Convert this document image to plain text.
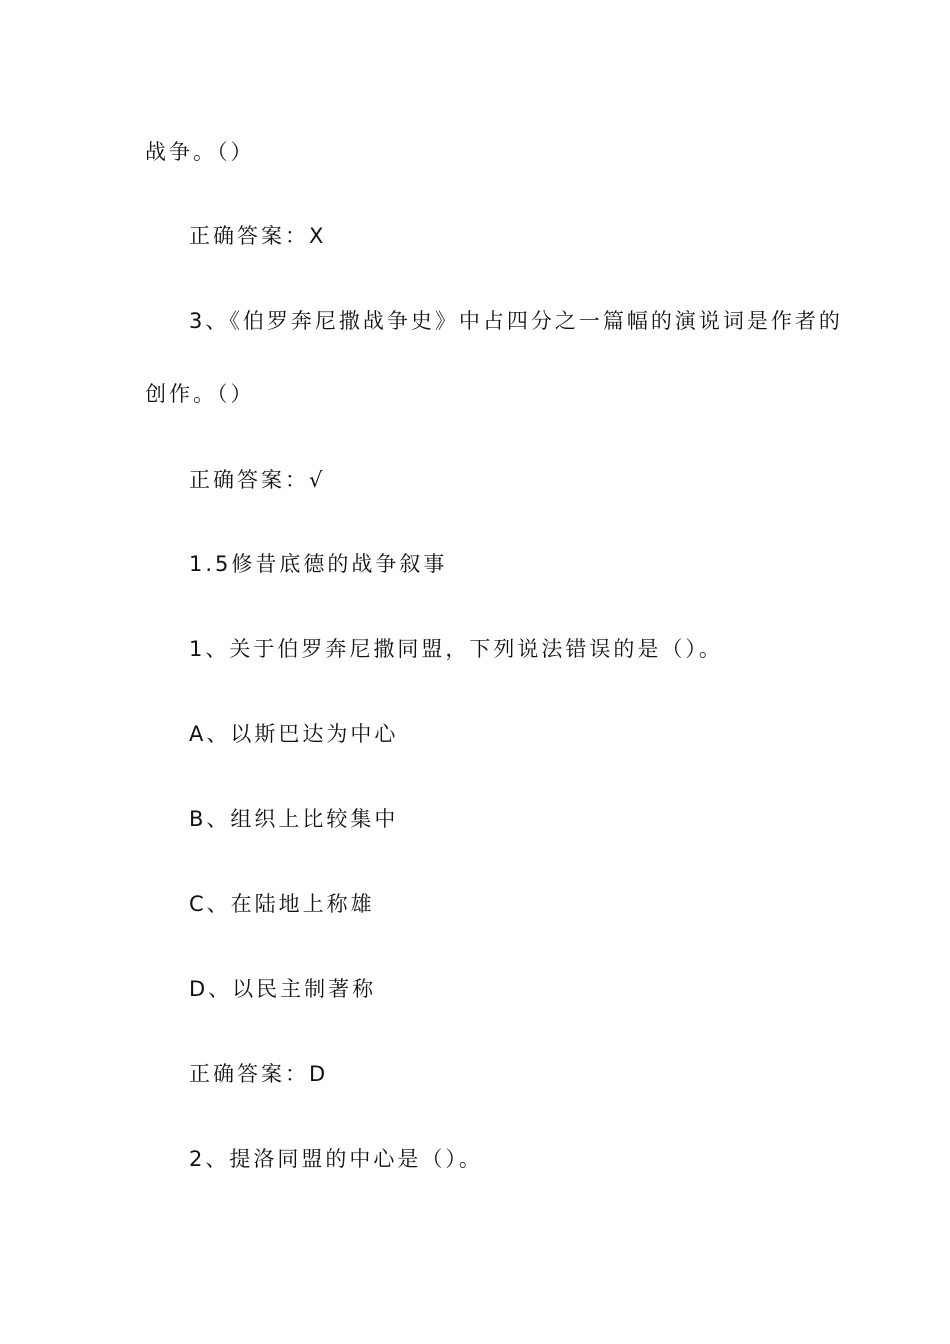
战争。（）
正确答案：X
3、《伯罗奔尼撒战争史》中占四分之一篇幅的演说词是作者的
创作。（）
正确答案：√
1.5修昔底德的战争叙事
1、关于伯罗奔尼撒同盟，下列说法错误的是（）。
A、以斯巴达为中心
B、组织上比较集中
C、在陆地上称雄
D、以民主制著称
正确答案：D
2、提洛同盟的中心是（）。
